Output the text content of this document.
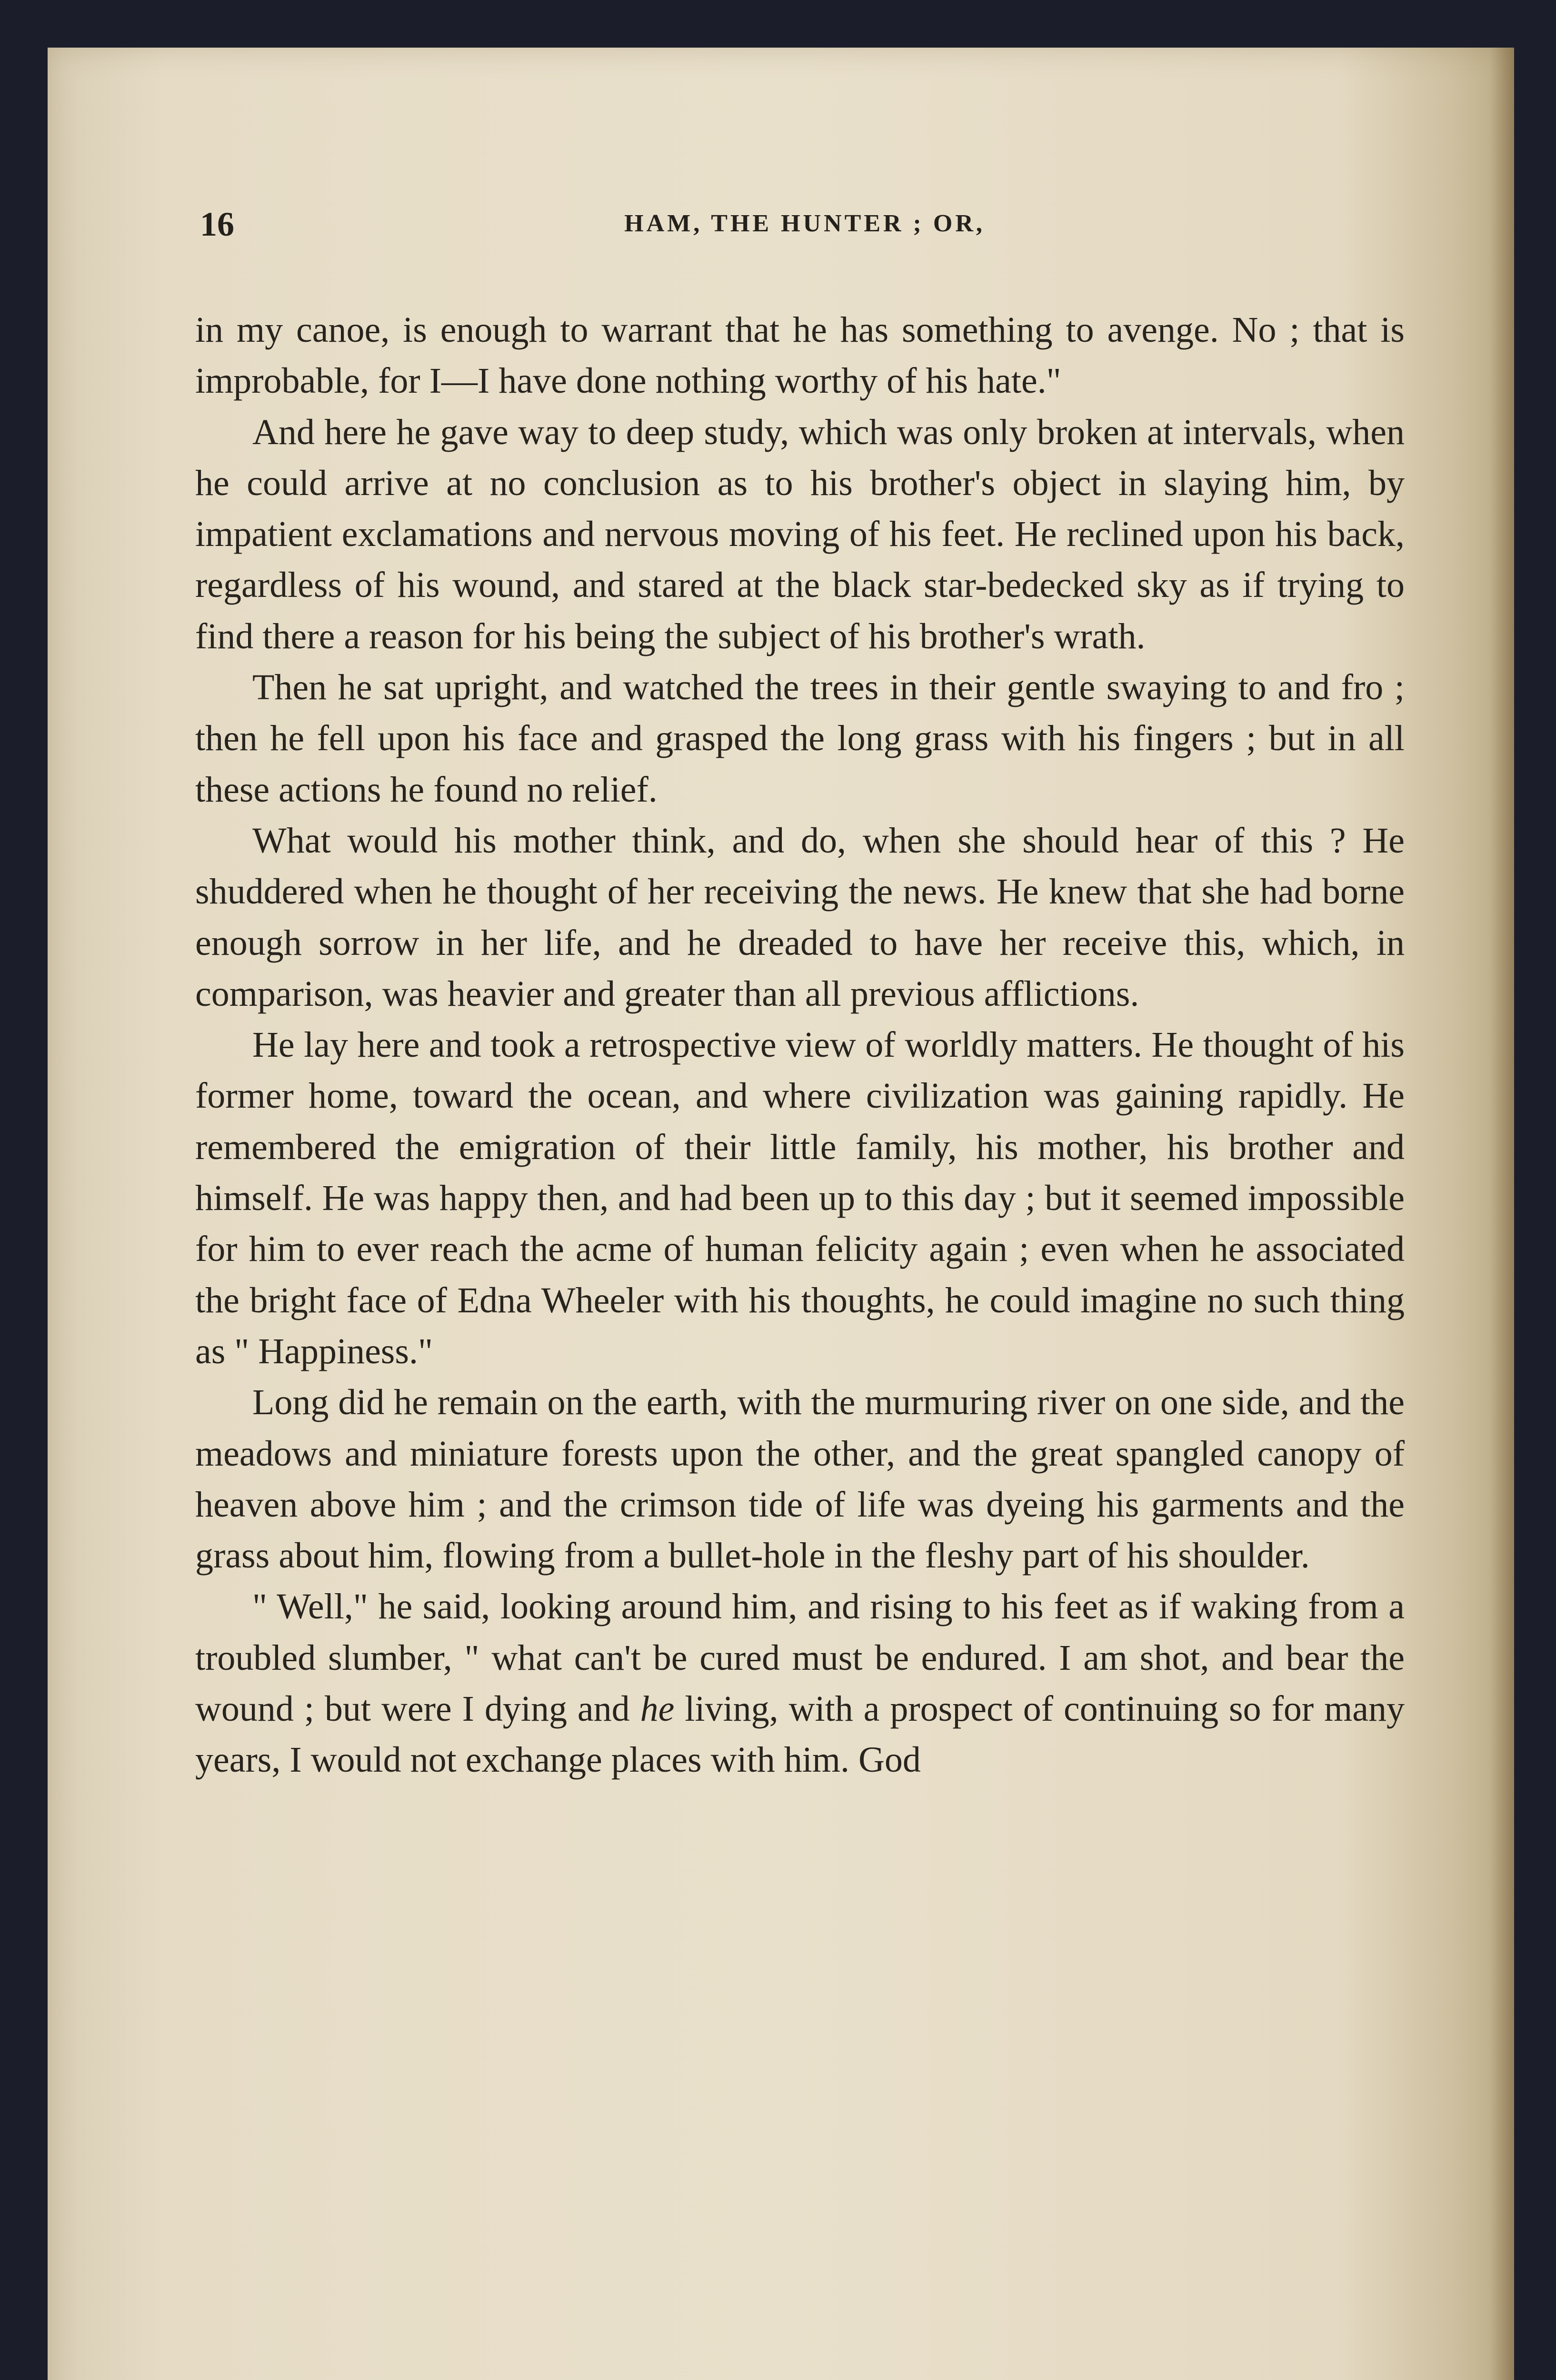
16	HAM, THE HUNTER ; OR,

in my canoe, is enough to warrant that he has something to avenge. No ; that is improbable, for I—I have done nothing worthy of his hate."

And here he gave way to deep study, which was only broken at intervals, when he could arrive at no conclusion as to his brother's object in slaying him, by impatient exclamations and nervous moving of his feet. He reclined upon his back, regardless of his wound, and stared at the black star-bedecked sky as if trying to find there a reason for his being the subject of his brother's wrath.

Then he sat upright, and watched the trees in their gentle swaying to and fro ; then he fell upon his face and grasped the long grass with his fingers ; but in all these actions he found no relief.

What would his mother think, and do, when she should hear of this ? He shuddered when he thought of her receiving the news. He knew that she had borne enough sorrow in her life, and he dreaded to have her receive this, which, in comparison, was heavier and greater than all previous afflictions.

He lay here and took a retrospective view of worldly matters. He thought of his former home, toward the ocean, and where civilization was gaining rapidly. He remembered the emigration of their little family, his mother, his brother and himself. He was happy then, and had been up to this day ; but it seemed impossible for him to ever reach the acme of human felicity again ; even when he associated the bright face of Edna Wheeler with his thoughts, he could imagine no such thing as " Happiness."

Long did he remain on the earth, with the murmuring river on one side, and the meadows and miniature forests upon the other, and the great spangled canopy of heaven above him ; and the crimson tide of life was dyeing his garments and the grass about him, flowing from a bullet-hole in the fleshy part of his shoulder.

" Well," he said, looking around him, and rising to his feet as if waking from a troubled slumber, " what can't be cured must be endured. I am shot, and bear the wound ; but were I dying and he living, with a prospect of continuing so for many years, I would not exchange places with him. God
